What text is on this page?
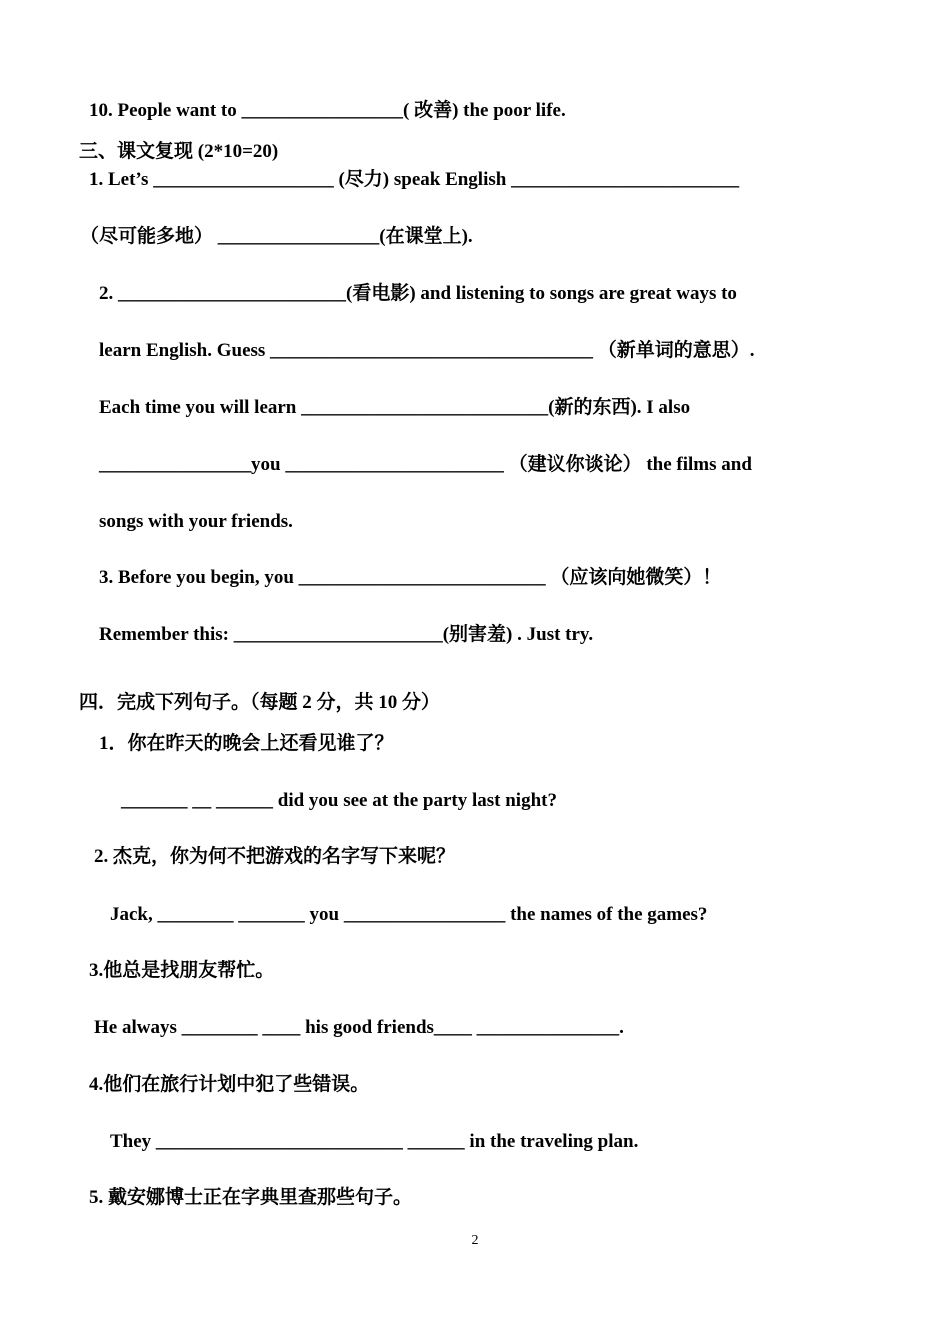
10. People want to _________________( 改善) the poor life.
三、课文复现 (2*10=20)
1. Let’s ___________________ (尽力) speak English ________________________
（尽可能多地） _________________(在课堂上).
2. ________________________(看电影) and listening to songs are great ways to
learn English. Guess __________________________________ （新单词的意思）.
Each time you will learn __________________________(新的东西). I also
________________you _______________________ （建议你谈论） the films and
songs with your friends.
3. Before you begin, you __________________________ （应该向她微笑）！
Remember this: ______________________(别害羞) . Just try.
四．完成下列句子。（每题 2 分，共 10 分）
1．你在昨天的晚会上还看见谁了？
_______ __ ______ did you see at the party last night?
2. 杰克，你为何不把游戏的名字写下来呢？
Jack, ________ _______ you _________________ the names of the games?
3.他总是找朋友帮忙。
He always ________ ____ his good friends____ _______________.
4.他们在旅行计划中犯了些错误。
They __________________________ ______ in the traveling plan.
5. 戴安娜博士正在字典里查那些句子。
2
